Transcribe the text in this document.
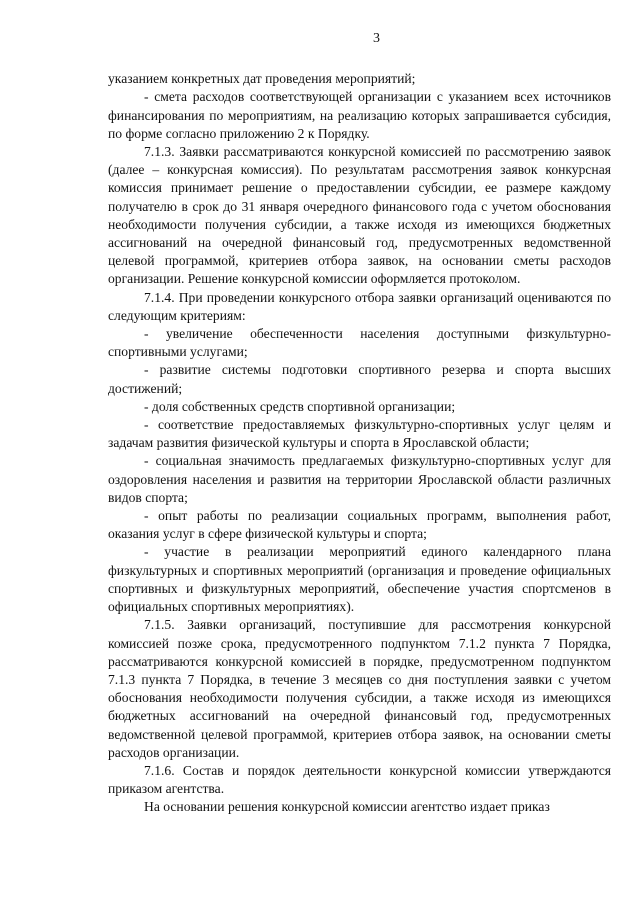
3

указанием конкретных дат проведения мероприятий;

- смета расходов соответствующей организации с указанием всех источников финансирования по мероприятиям, на реализацию которых запрашивается субсидия, по форме согласно приложению 2 к Порядку.

7.1.3. Заявки рассматриваются конкурсной комиссией по рассмотрению заявок (далее – конкурсная комиссия). По результатам рассмотрения заявок конкурсная комиссия принимает решение о предоставлении субсидии, ее размере каждому получателю в срок до 31 января очередного финансового года с учетом обоснования необходимости получения субсидии, а также исходя из имеющихся бюджетных ассигнований на очередной финансовый год, предусмотренных ведомственной целевой программой, критериев отбора заявок, на основании сметы расходов организации. Решение конкурсной комиссии оформляется протоколом.

7.1.4. При проведении конкурсного отбора заявки организаций оцениваются по следующим критериям:

- увеличение обеспеченности населения доступными физкультурно-спортивными услугами;

- развитие системы подготовки спортивного резерва и спорта высших достижений;

- доля собственных средств спортивной организации;

- соответствие предоставляемых физкультурно-спортивных услуг целям и задачам развития физической культуры и спорта в Ярославской области;

- социальная значимость предлагаемых физкультурно-спортивных услуг для оздоровления населения и развития на территории Ярославской области различных видов спорта;

- опыт работы по реализации социальных программ, выполнения работ, оказания услуг в сфере физической культуры и спорта;

- участие в реализации мероприятий единого календарного плана физкультурных и спортивных мероприятий (организация и проведение официальных спортивных и физкультурных мероприятий, обеспечение участия спортсменов в официальных спортивных мероприятиях).

7.1.5. Заявки организаций, поступившие для рассмотрения конкурсной комиссией позже срока, предусмотренного подпунктом 7.1.2 пункта 7 Порядка, рассматриваются конкурсной комиссией в порядке, предусмотренном подпунктом 7.1.3 пункта 7 Порядка, в течение 3 месяцев со дня поступления заявки с учетом обоснования необходимости получения субсидии, а также исходя из имеющихся бюджетных ассигнований на очередной финансовый год, предусмотренных ведомственной целевой программой, критериев отбора заявок, на основании сметы расходов организации.

7.1.6. Состав и порядок деятельности конкурсной комиссии утверждаются приказом агентства.

На основании решения конкурсной комиссии агентство издает приказ
